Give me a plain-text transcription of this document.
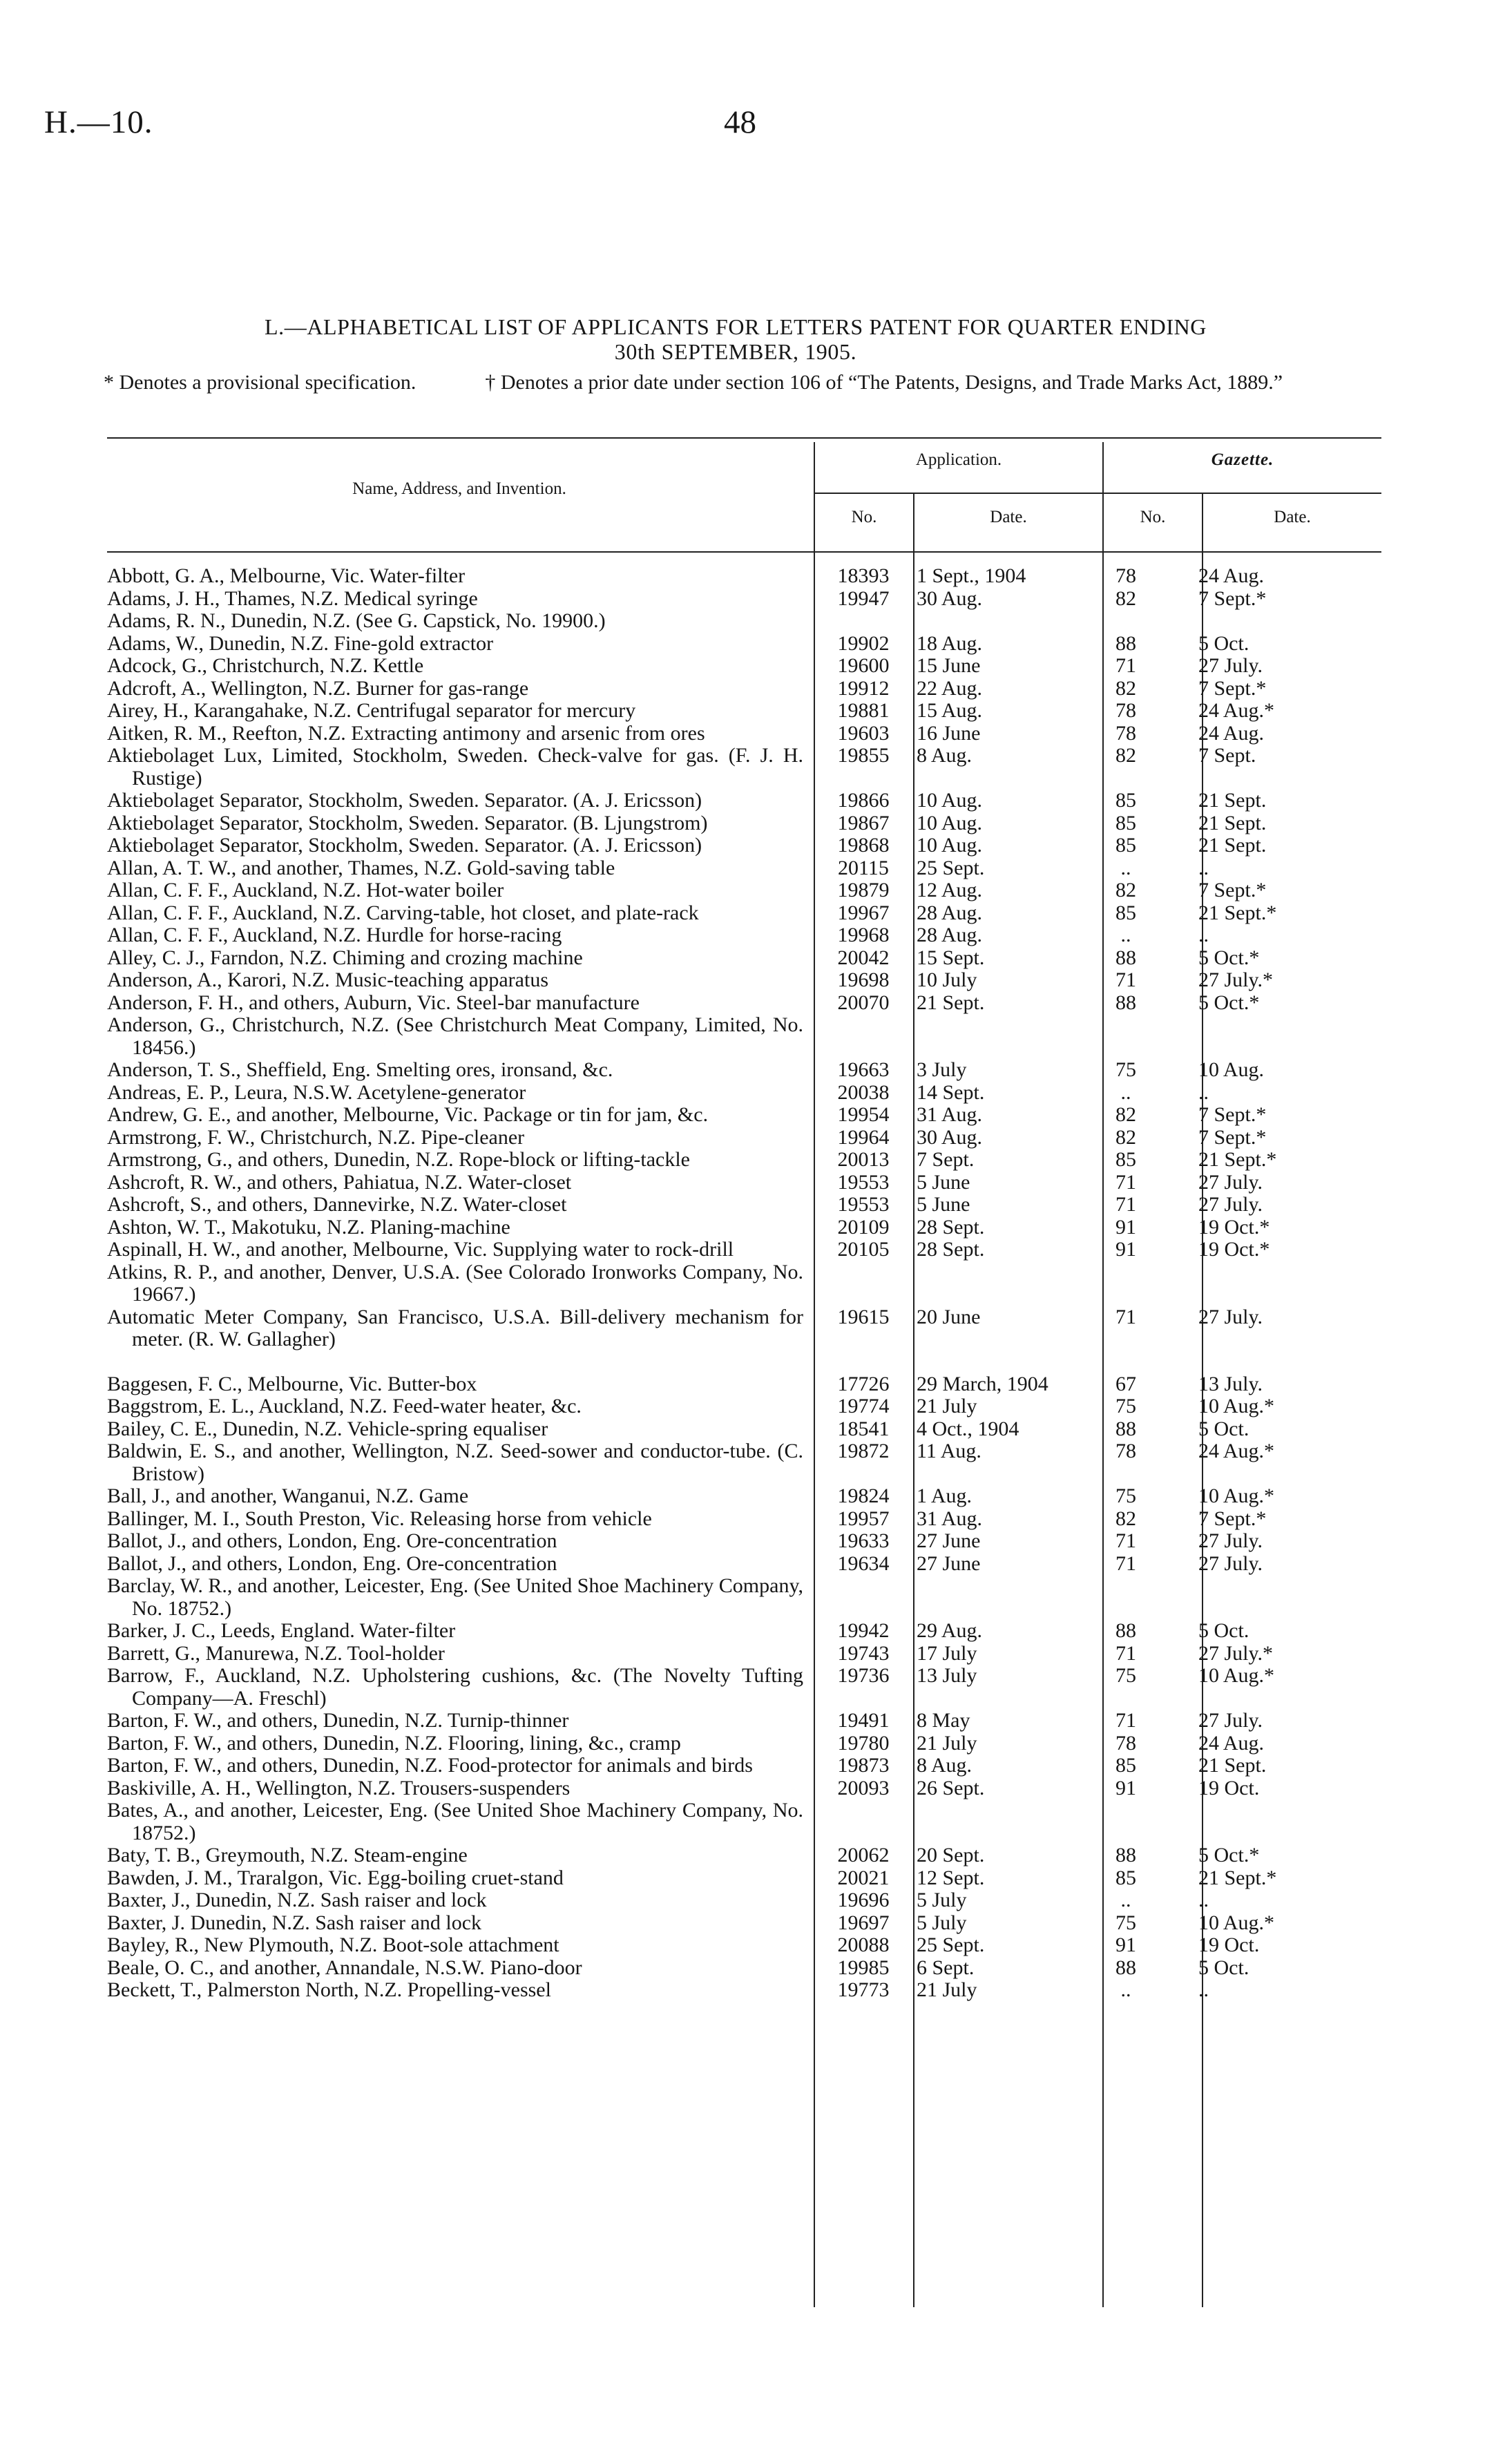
H.—10.	48
L.—ALPHABETICAL LIST OF APPLICANTS FOR LETTERS PATENT FOR QUARTER ENDING
30th SEPTEMBER, 1905.
* Denotes a provisional specification.	† Denotes a prior date under section 106 of “The Patents, Designs, and Trade Marks Act, 1889.”
Name, Address, and Invention.
Application.	Gazette.
No.	Date.	No.	Date.
Abbott, G. A., Melbourne, Vic. Water-filter	18393	1 Sept., 1904	78	24 Aug.
Adams, J. H., Thames, N.Z. Medical syringe	19947	30 Aug.	82	7 Sept.*
Adams, R. N., Dunedin, N.Z. (See G. Capstick, No. 19900.)
Adams, W., Dunedin, N.Z. Fine-gold extractor	19902	18 Aug.	88	5 Oct.
Adcock, G., Christchurch, N.Z. Kettle	19600	15 June	71	27 July.
Adcroft, A., Wellington, N.Z. Burner for gas-range	19912	22 Aug.	82	7 Sept.*
Airey, H., Karangahake, N.Z. Centrifugal separator for mercury	19881	15 Aug.	78	24 Aug.*
Aitken, R. M., Reefton, N.Z. Extracting antimony and arsenic from ores	19603	16 June	78	24 Aug.
Aktiebolaget Lux, Limited, Stockholm, Sweden. Check-valve for gas. (F. J. H. Rustige)
19855	8 Aug.	82	7 Sept.
Aktiebolaget Separator, Stockholm, Sweden. Separator. (A. J. Ericsson)	19866	10 Aug.	85	21 Sept.
Aktiebolaget Separator, Stockholm, Sweden. Separator. (B. Ljungstrom)	19867	10 Aug.	85	21 Sept.
Aktiebolaget Separator, Stockholm, Sweden. Separator. (A. J. Ericsson)	19868	10 Aug.	85	21 Sept.
Allan, A. T. W., and another, Thames, N.Z. Gold-saving table	20115	25 Sept.	..	..
Allan, C. F. F., Auckland, N.Z. Hot-water boiler	19879	12 Aug.	82	7 Sept.*
Allan, C. F. F., Auckland, N.Z. Carving-table, hot closet, and plate-rack	19967	28 Aug.	85	21 Sept.*
Allan, C. F. F., Auckland, N.Z. Hurdle for horse-racing	19968	28 Aug.	..	..
Alley, C. J., Farndon, N.Z. Chiming and crozing machine	20042	15 Sept.	88	5 Oct.*
Anderson, A., Karori, N.Z. Music-teaching apparatus	19698	10 July	71	27 July.*
Anderson, F. H., and others, Auburn, Vic. Steel-bar manufacture	20070	21 Sept.	88	5 Oct.*
Anderson, G., Christchurch, N.Z. (See Christchurch Meat Company, Limited, No. 18456.)
Anderson, T. S., Sheffield, Eng. Smelting ores, ironsand, &c.	19663	3 July	75	10 Aug.
Andreas, E. P., Leura, N.S.W. Acetylene-generator	20038	14 Sept.	..	..
Andrew, G. E., and another, Melbourne, Vic. Package or tin for jam, &c.	19954	31 Aug.	82	7 Sept.*
Armstrong, F. W., Christchurch, N.Z. Pipe-cleaner	19964	30 Aug.	82	7 Sept.*
Armstrong, G., and others, Dunedin, N.Z. Rope-block or lifting-tackle	20013	7 Sept.	85	21 Sept.*
Ashcroft, R. W., and others, Pahiatua, N.Z. Water-closet	19553	5 June	71	27 July.
Ashcroft, S., and others, Dannevirke, N.Z. Water-closet	19553	5 June	71	27 July.
Ashton, W. T., Makotuku, N.Z. Planing-machine	20109	28 Sept.	91	19 Oct.*
Aspinall, H. W., and another, Melbourne, Vic. Supplying water to rock-drill	20105	28 Sept.	91	19 Oct.*
Atkins, R. P., and another, Denver, U.S.A. (See Colorado Ironworks Company, No. 19667.)
Automatic Meter Company, San Francisco, U.S.A. Bill-delivery mechanism for meter. (R. W. Gallagher)
19615	20 June	71	27 July.
Baggesen, F. C., Melbourne, Vic. Butter-box	17726	29 March, 1904	67	13 July.
Baggstrom, E. L., Auckland, N.Z. Feed-water heater, &c.	19774	21 July	75	10 Aug.*
Bailey, C. E., Dunedin, N.Z. Vehicle-spring equaliser	18541	4 Oct., 1904	88	5 Oct.
Baldwin, E. S., and another, Wellington, N.Z. Seed-sower and conductor-tube. (C. Bristow)
19872	11 Aug.	78	24 Aug.*
Ball, J., and another, Wanganui, N.Z. Game	19824	1 Aug.	75	10 Aug.*
Ballinger, M. I., South Preston, Vic. Releasing horse from vehicle	19957	31 Aug.	82	7 Sept.*
Ballot, J., and others, London, Eng. Ore-concentration	19633	27 June	71	27 July.
Ballot, J., and others, London, Eng. Ore-concentration	19634	27 June	71	27 July.
Barclay, W. R., and another, Leicester, Eng. (See United Shoe Machinery Company, No. 18752.)
Barker, J. C., Leeds, England. Water-filter	19942	29 Aug.	88	5 Oct.
Barrett, G., Manurewa, N.Z. Tool-holder	19743	17 July	71	27 July.*
Barrow, F., Auckland, N.Z. Upholstering cushions, &c. (The Novelty Tufting Company—A. Freschl)
19736	13 July	75	10 Aug.*
Barton, F. W., and others, Dunedin, N.Z. Turnip-thinner	19491	8 May	71	27 July.
Barton, F. W., and others, Dunedin, N.Z. Flooring, lining, &c., cramp	19780	21 July	78	24 Aug.
Barton, F. W., and others, Dunedin, N.Z. Food-protector for animals and birds	19873	8 Aug.	85	21 Sept.
Baskiville, A. H., Wellington, N.Z. Trousers-suspenders	20093	26 Sept.	91	19 Oct.
Bates, A., and another, Leicester, Eng. (See United Shoe Machinery Company, No. 18752.)
Baty, T. B., Greymouth, N.Z. Steam-engine	20062	20 Sept.	88	5 Oct.*
Bawden, J. M., Traralgon, Vic. Egg-boiling cruet-stand	20021	12 Sept.	85	21 Sept.*
Baxter, J., Dunedin, N.Z. Sash raiser and lock	19696	5 July	..	..
Baxter, J. Dunedin, N.Z. Sash raiser and lock	19697	5 July	75	10 Aug.*
Bayley, R., New Plymouth, N.Z. Boot-sole attachment	20088	25 Sept.	91	19 Oct.
Beale, O. C., and another, Annandale, N.S.W. Piano-door	19985	6 Sept.	88	5 Oct.
Beckett, T., Palmerston North, N.Z. Propelling-vessel	19773	21 July	..	..
